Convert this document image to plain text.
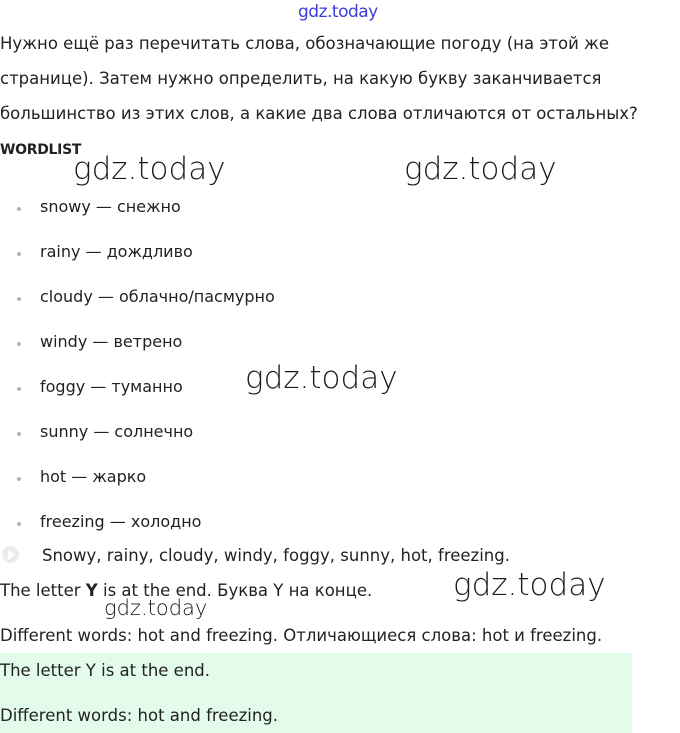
gdz.today
Нужно ещё раз перечитать слова, обозначающие погоду (на этой же
странице). Затем нужно определить, на какую букву заканчивается
большинство из этих слов, а какие два слова отличаются от остальных?
WORDLIST
gdz.today	gdz.today
snowy — снежно
rainy — дождливо
cloudy — облачно/пасмурно
windy — ветрено
foggy — туманно gdz.today
sunny — солнечно
hot — жарко
freezing — холодно
Snowy, rainy, cloudy, windy, foggy, sunny, hot, freezing.
The letter Y is at the end. Буква Y на конце.	gdz.today
gdz.today
Different words: hot and freezing. Отличающиеся слова: hot и freezing.
The letter Y is at the end.
Different words: hot and freezing.
